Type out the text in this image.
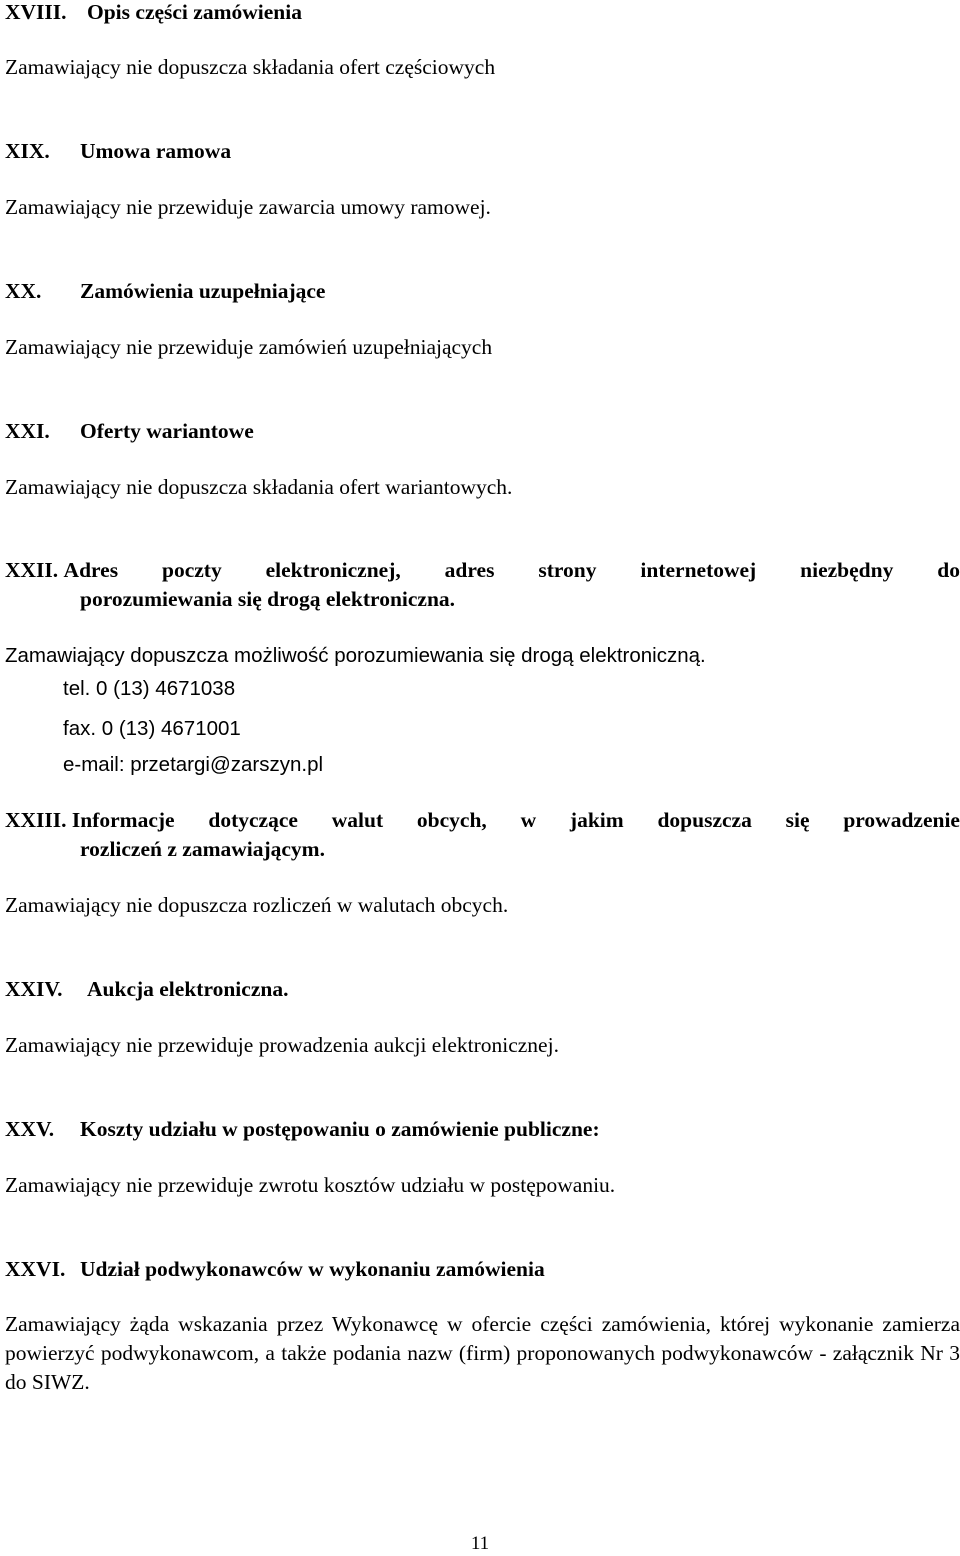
XVIII. Opis części zamówienia
Zamawiający nie dopuszcza składania ofert częściowych
XIX. Umowa ramowa
Zamawiający nie przewiduje zawarcia umowy ramowej.
XX. Zamówienia uzupełniające
Zamawiający nie przewiduje zamówień uzupełniających
XXI. Oferty wariantowe
Zamawiający nie dopuszcza składania ofert wariantowych.
XXII. Adres poczty elektronicznej, adres strony internetowej niezbędny do
porozumiewania się drogą elektroniczna.
Zamawiający dopuszcza możliwość porozumiewania się drogą elektroniczną.
tel. 0 (13) 4671038
fax. 0 (13) 4671001
e-mail: przetargi@zarszyn.pl
XXIII. Informacje dotyczące walut obcych, w jakim dopuszcza się prowadzenie
rozliczeń z zamawiającym.
Zamawiający nie dopuszcza rozliczeń w walutach obcych.
XXIV. Aukcja elektroniczna.
Zamawiający nie przewiduje prowadzenia aukcji elektronicznej.
XXV. Koszty udziału w postępowaniu o zamówienie publiczne:
Zamawiający nie przewiduje zwrotu kosztów udziału w postępowaniu.
XXVI. Udział podwykonawców w wykonaniu zamówienia
Zamawiający żąda wskazania przez Wykonawcę w ofercie części zamówienia, której wykonanie zamierza powierzyć podwykonawcom, a także podania nazw (firm) proponowanych podwykonawców - załącznik Nr 3 do SIWZ.
11
